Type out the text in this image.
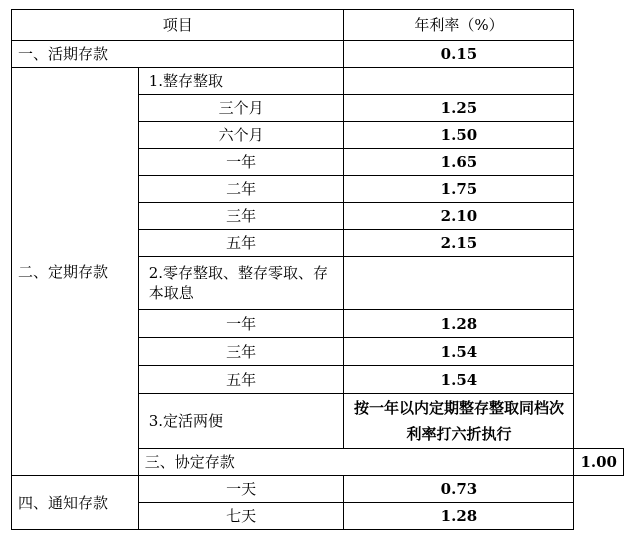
项目		年利率（%）	
一、活期存款		0.15	
二、定期存款	1.整存整取		
	三个月	1.25	
	六个月	1.50	
	一年	1.65	
	二年	1.75	
	三年	2.10	
	五年	2.15	
	2.零存整取、整存零取、存本取息		
	一年	1.28	
	三年	1.54	
	五年	1.54	
	3.定活两便	按一年以内定期整存整取同档次利率打六折执行	
	三、协定存款		1.00
四、通知存款	一天	0.73	
	七天	1.28	
